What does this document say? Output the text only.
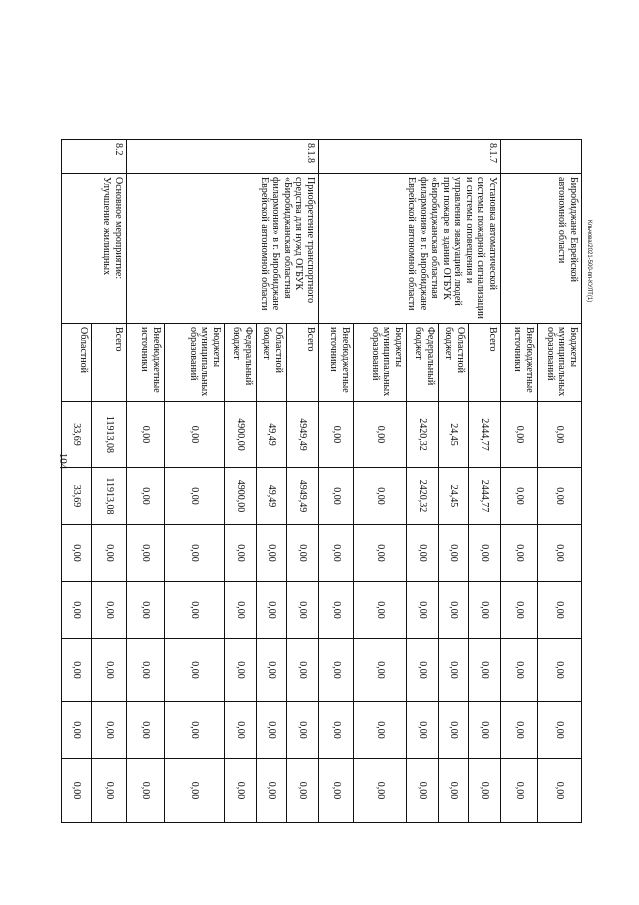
104
Кльчова/2021-500-пп-КУЛТ(1)
	Биробиджане Еврейской автономной области	Бюджеты муниципальных образований	0,00	0,00	0,00	0,00	0,00	0,00	0,00
		Внебюджетные источники	0,00	0,00	0,00	0,00	0,00	0,00	0,00
8.1.7	Установка автоматической системы пожарной сигнализации и системы оповещения и управления эвакуацией людей при пожаре в здании ОГБУК «Биробиджанская областная филармония» в г. Биробиджане Еврейской автономной области	Всего	2444,77	2444,77	0,00	0,00	0,00	0,00	0,00
		Областной бюджет	24,45	24,45	0,00	0,00	0,00	0,00	0,00
		Федеральный бюджет	2420,32	2420,32	0,00	0,00	0,00	0,00	0,00
		Бюджеты муниципальных образований	0,00	0,00	0,00	0,00	0,00	0,00	0,00
		Внебюджетные источники	0,00	0,00	0,00	0,00	0,00	0,00	0,00
8.1.8	Приобретение транспортного средства для нужд ОГБУК «Биробиджанская областная филармония» в г. Биробиджане Еврейской автономной области	Всего	4949,49	4949,49	0,00	0,00	0,00	0,00	0,00
		Областной бюджет	49,49	49,49	0,00	0,00	0,00	0,00	0,00
		Федеральный бюджет	4900,00	4900,00	0,00	0,00	0,00	0,00	0,00
		Бюджеты муниципальных образований	0,00	0,00	0,00	0,00	0,00	0,00	0,00
		Внебюджетные источники	0,00	0,00	0,00	0,00	0,00	0,00	0,00
8.2	Основное мероприятие: Улучшение жилищных	Всего	11913,08	11913,08	0,00	0,00	0,00	0,00	0,00
		Областной	33,69	33,69	0,00	0,00	0,00	0,00	0,00
